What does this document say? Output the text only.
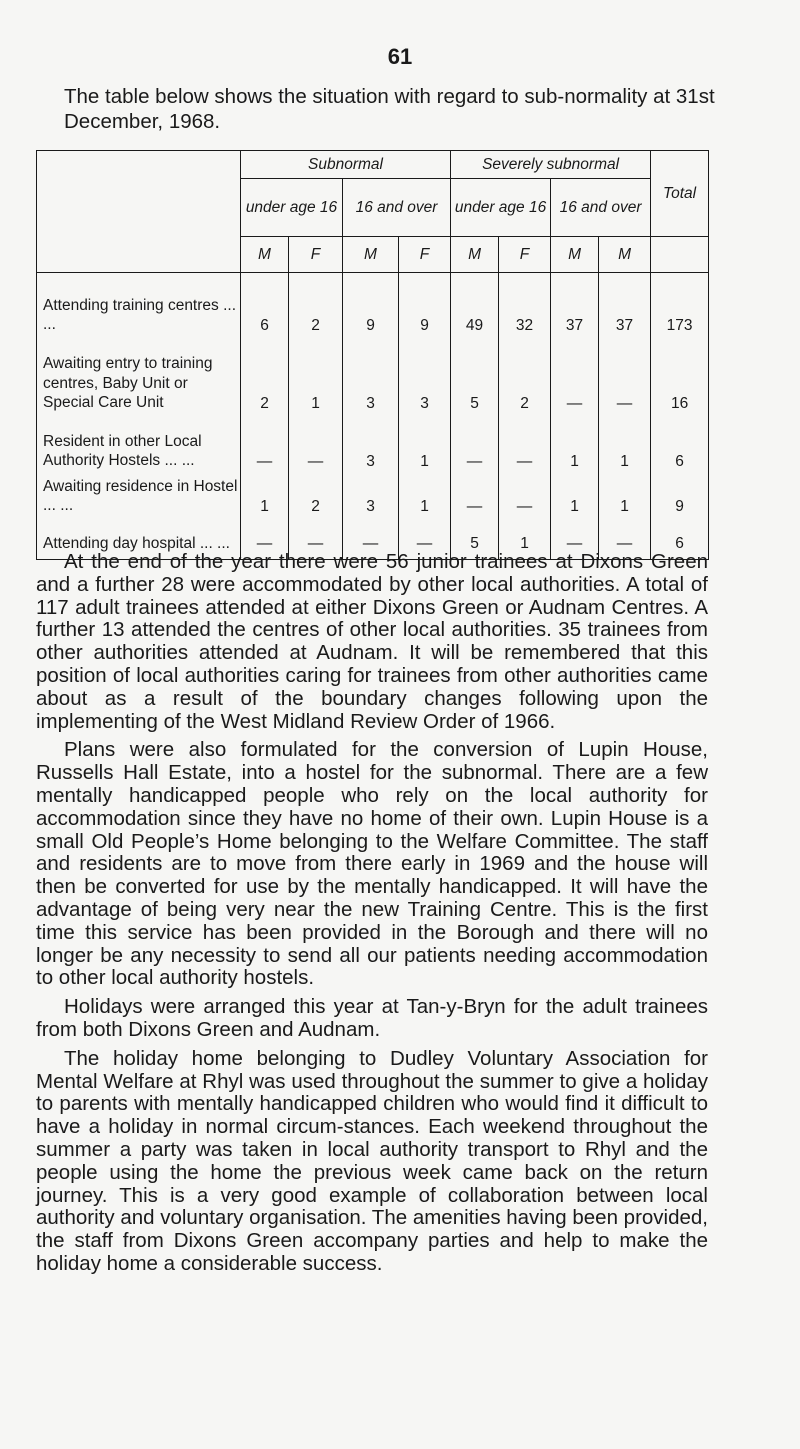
61
The table below shows the situation with regard to sub-normality at 31st December, 1968.
	Subnormal				Severely subnormal				Total
	under age 16		16 and over		under age 16		16 and over		
	M	F	M	F	M	F	M	M	
Attending training centres ... ...	6	2	9	9	49	32	37	37	173
Awaiting entry to training centres, Baby Unit or Special Care Unit	2	1	3	3	5	2	—	—	16
Resident in other Local Authority Hostels ... ...	—	—	3	1	—	—	1	1	6
Awaiting residence in Hostel ... ...	1	2	3	1	—	—	1	1	9
Attending day hospital ... ...	—	—	—	—	5	1	—	—	6

At the end of the year there were 56 junior trainees at Dixons Green and a further 28 were accommodated by other local authorities. A total of 117 adult trainees attended at either Dixons Green or Audnam Centres. A further 13 attended the centres of other local authorities. 35 trainees from other authorities attended at Audnam. It will be remembered that this position of local authorities caring for trainees from other authorities came about as a result of the boundary changes following upon the implementing of the West Midland Review Order of 1966.

Plans were also formulated for the conversion of Lupin House, Russells Hall Estate, into a hostel for the subnormal. There are a few mentally handicapped people who rely on the local authority for accommodation since they have no home of their own. Lupin House is a small Old People’s Home belonging to the Welfare Committee. The staff and residents are to move from there early in 1969 and the house will then be converted for use by the mentally handicapped. It will have the advantage of being very near the new Training Centre. This is the first time this service has been provided in the Borough and there will no longer be any necessity to send all our patients needing accommodation to other local authority hostels.

Holidays were arranged this year at Tan-y-Bryn for the adult trainees from both Dixons Green and Audnam.

The holiday home belonging to Dudley Voluntary Association for Mental Welfare at Rhyl was used throughout the summer to give a holiday to parents with mentally handicapped children who would find it difficult to have a holiday in normal circum-stances. Each weekend throughout the summer a party was taken in local authority transport to Rhyl and the people using the home the previous week came back on the return journey. This is a very good example of collaboration between local authority and voluntary organisation. The amenities having been provided, the staff from Dixons Green accompany parties and help to make the holiday home a considerable success.
